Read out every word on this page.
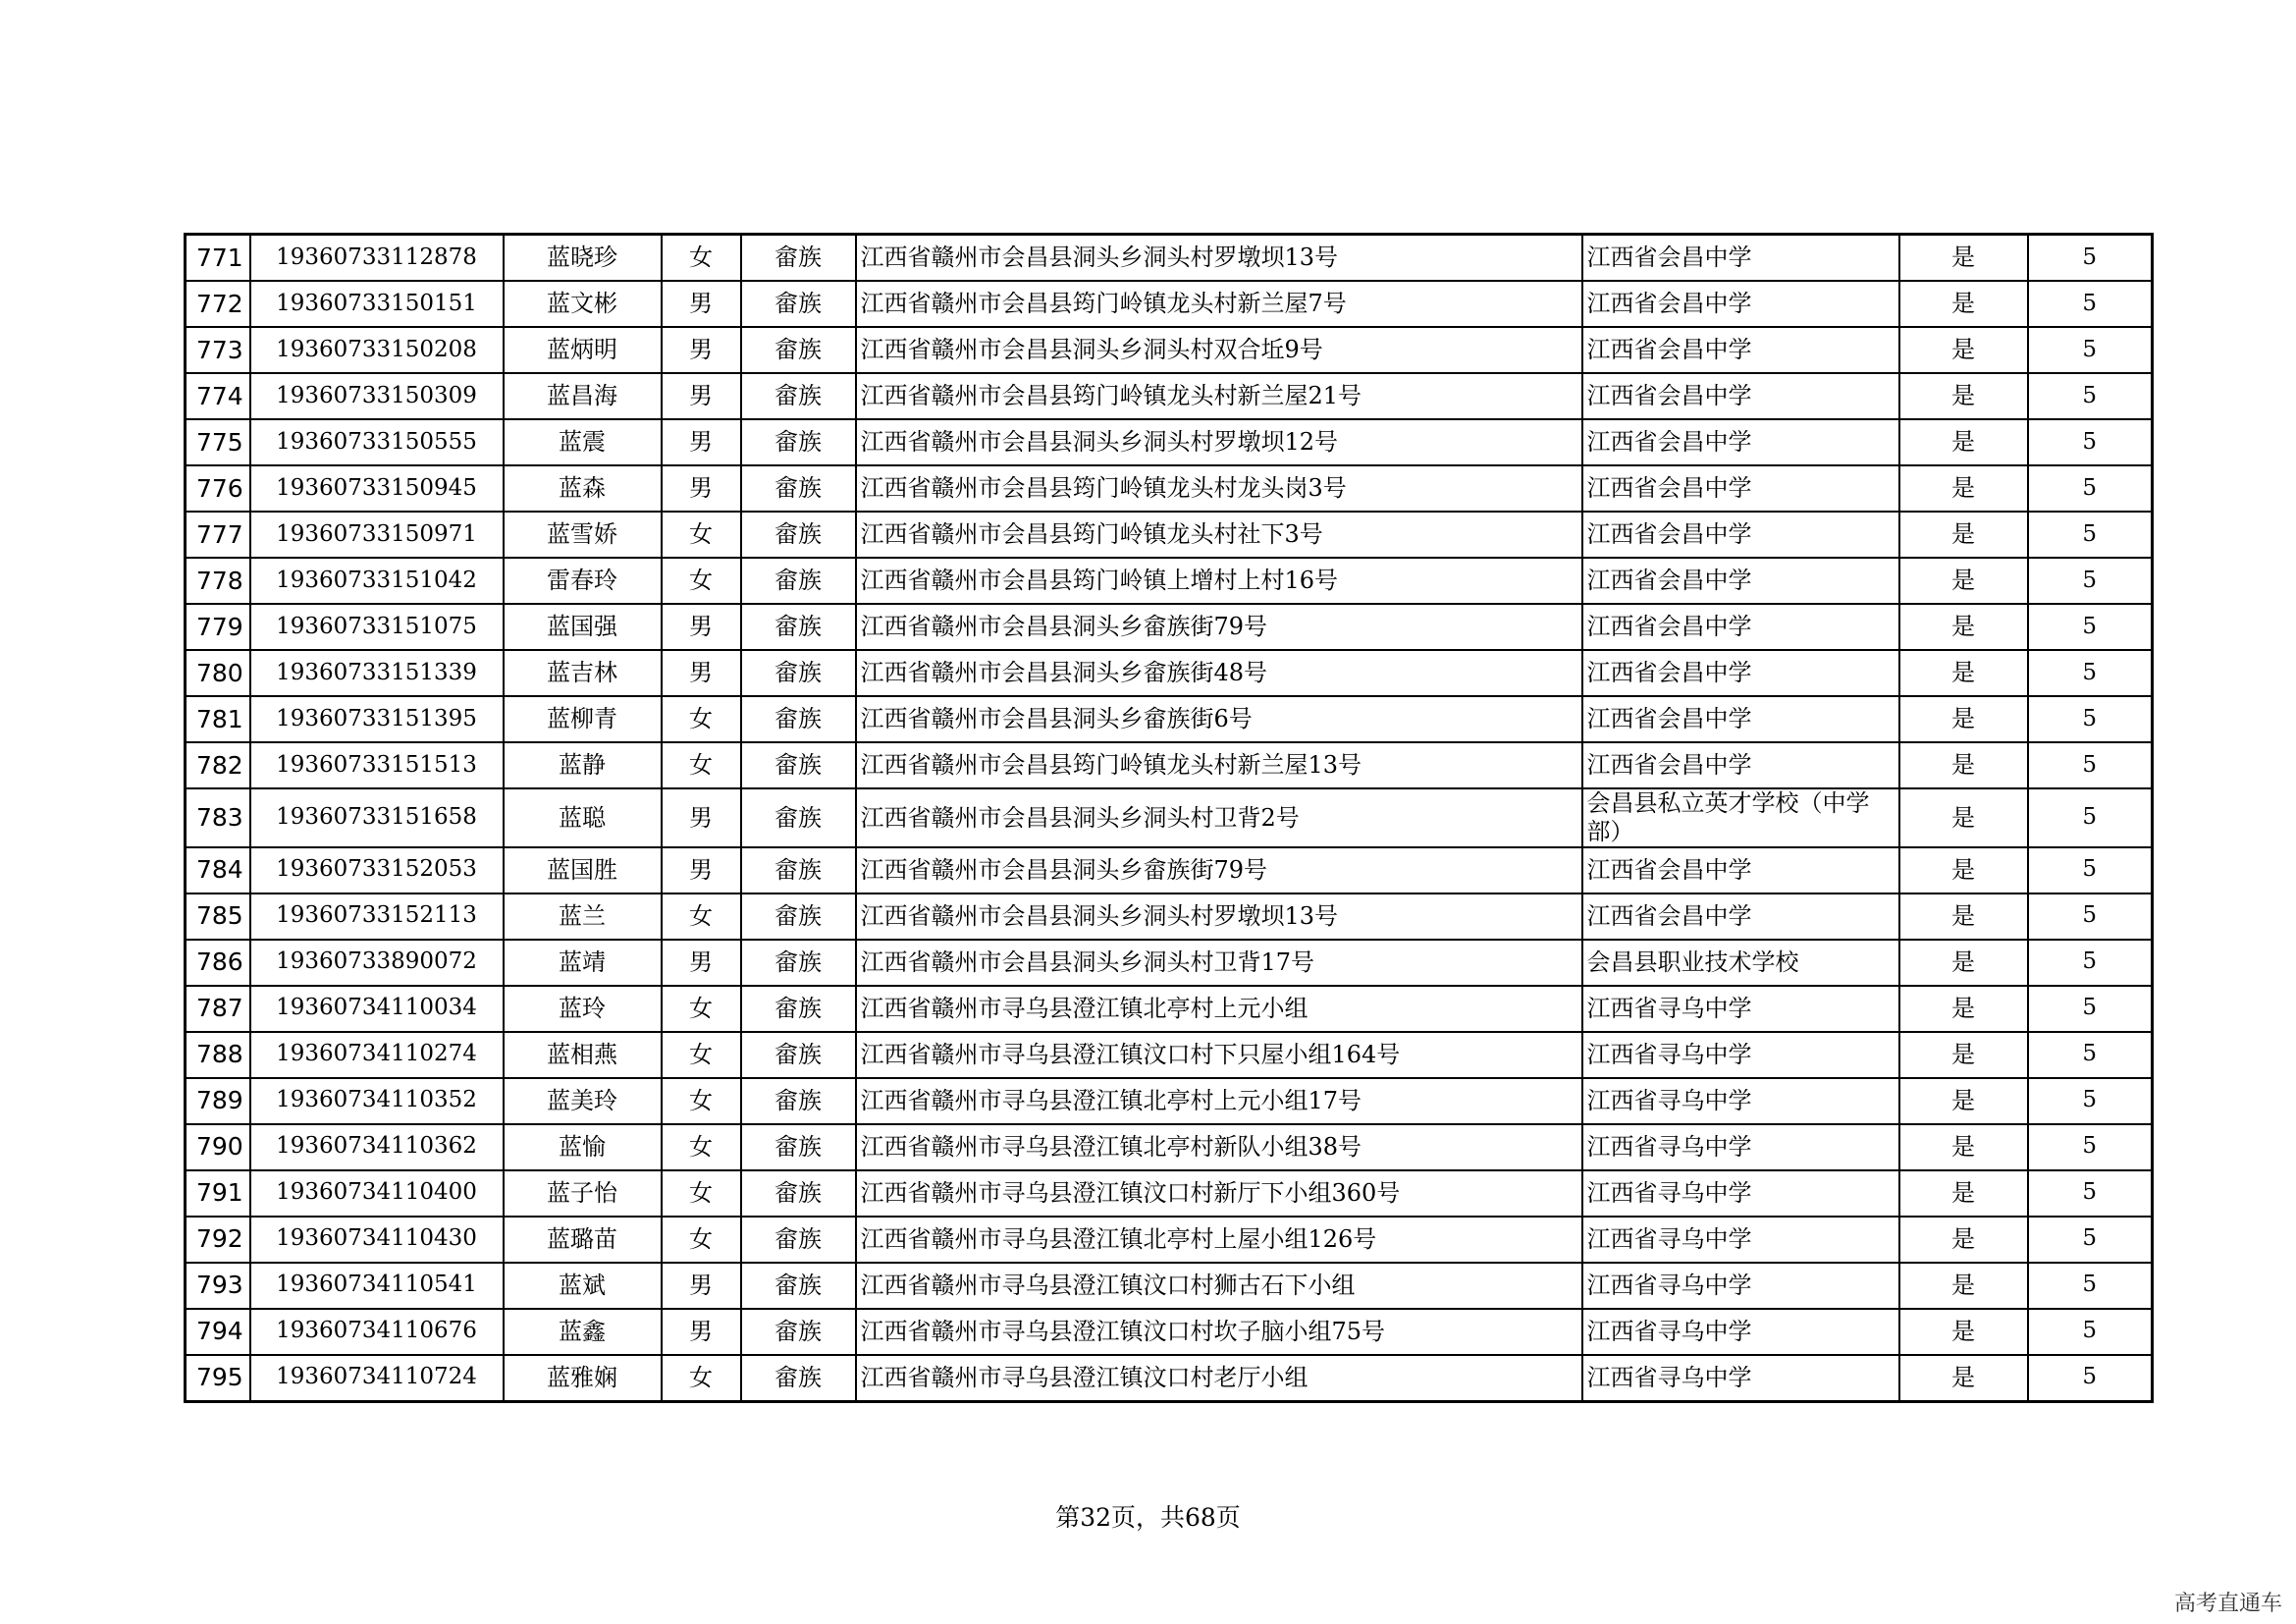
771	19360733112878	蓝晓珍	女	畲族	江西省赣州市会昌县洞头乡洞头村罗墩坝13号	江西省会昌中学	是	5
772	19360733150151	蓝文彬	男	畲族	江西省赣州市会昌县筠门岭镇龙头村新兰屋7号	江西省会昌中学	是	5
773	19360733150208	蓝炳明	男	畲族	江西省赣州市会昌县洞头乡洞头村双合坵9号	江西省会昌中学	是	5
774	19360733150309	蓝昌海	男	畲族	江西省赣州市会昌县筠门岭镇龙头村新兰屋21号	江西省会昌中学	是	5
775	19360733150555	蓝震	男	畲族	江西省赣州市会昌县洞头乡洞头村罗墩坝12号	江西省会昌中学	是	5
776	19360733150945	蓝森	男	畲族	江西省赣州市会昌县筠门岭镇龙头村龙头岗3号	江西省会昌中学	是	5
777	19360733150971	蓝雪娇	女	畲族	江西省赣州市会昌县筠门岭镇龙头村社下3号	江西省会昌中学	是	5
778	19360733151042	雷春玲	女	畲族	江西省赣州市会昌县筠门岭镇上增村上村16号	江西省会昌中学	是	5
779	19360733151075	蓝国强	男	畲族	江西省赣州市会昌县洞头乡畲族街79号	江西省会昌中学	是	5
780	19360733151339	蓝吉林	男	畲族	江西省赣州市会昌县洞头乡畲族街48号	江西省会昌中学	是	5
781	19360733151395	蓝柳青	女	畲族	江西省赣州市会昌县洞头乡畲族街6号	江西省会昌中学	是	5
782	19360733151513	蓝静	女	畲族	江西省赣州市会昌县筠门岭镇龙头村新兰屋13号	江西省会昌中学	是	5
783	19360733151658	蓝聪	男	畲族	江西省赣州市会昌县洞头乡洞头村卫背2号	会昌县私立英才学校（中学部）	是	5
784	19360733152053	蓝国胜	男	畲族	江西省赣州市会昌县洞头乡畲族街79号	江西省会昌中学	是	5
785	19360733152113	蓝兰	女	畲族	江西省赣州市会昌县洞头乡洞头村罗墩坝13号	江西省会昌中学	是	5
786	19360733890072	蓝靖	男	畲族	江西省赣州市会昌县洞头乡洞头村卫背17号	会昌县职业技术学校	是	5
787	19360734110034	蓝玲	女	畲族	江西省赣州市寻乌县澄江镇北亭村上元小组	江西省寻乌中学	是	5
788	19360734110274	蓝相燕	女	畲族	江西省赣州市寻乌县澄江镇汶口村下只屋小组164号	江西省寻乌中学	是	5
789	19360734110352	蓝美玲	女	畲族	江西省赣州市寻乌县澄江镇北亭村上元小组17号	江西省寻乌中学	是	5
790	19360734110362	蓝愉	女	畲族	江西省赣州市寻乌县澄江镇北亭村新队小组38号	江西省寻乌中学	是	5
791	19360734110400	蓝子怡	女	畲族	江西省赣州市寻乌县澄江镇汶口村新厅下小组360号	江西省寻乌中学	是	5
792	19360734110430	蓝璐苗	女	畲族	江西省赣州市寻乌县澄江镇北亭村上屋小组126号	江西省寻乌中学	是	5
793	19360734110541	蓝斌	男	畲族	江西省赣州市寻乌县澄江镇汶口村狮古石下小组	江西省寻乌中学	是	5
794	19360734110676	蓝鑫	男	畲族	江西省赣州市寻乌县澄江镇汶口村坎子脑小组75号	江西省寻乌中学	是	5
795	19360734110724	蓝雅娴	女	畲族	江西省赣州市寻乌县澄江镇汶口村老厅小组	江西省寻乌中学	是	5
第32页，共68页
高考直通车
